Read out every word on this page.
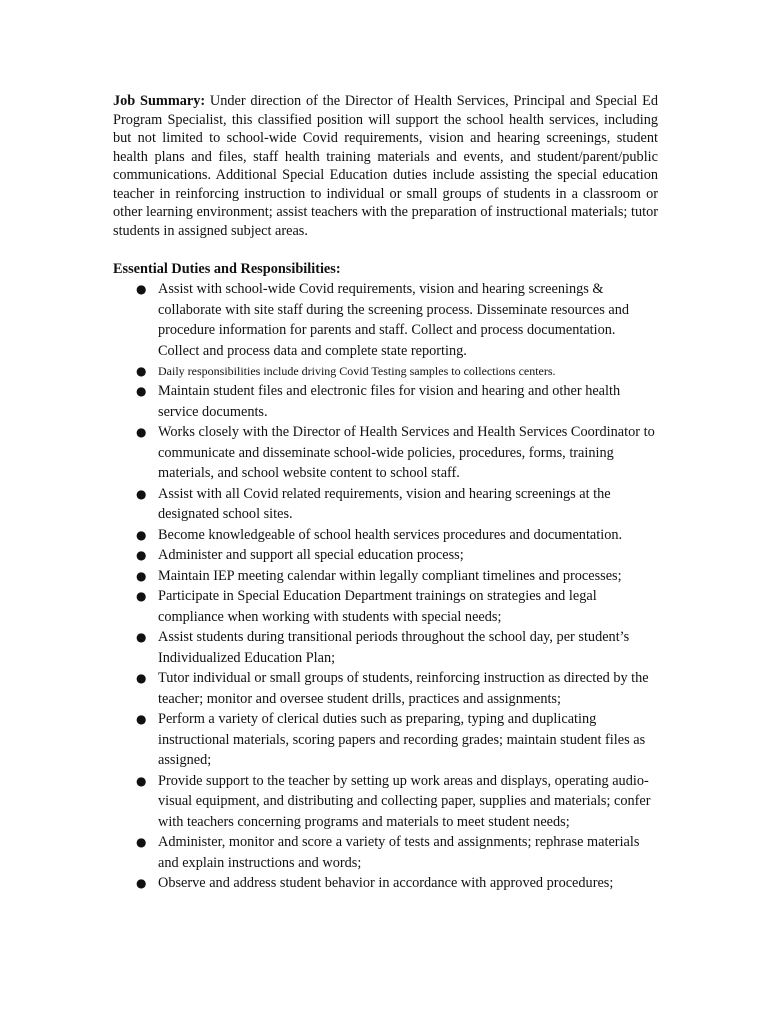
Job Summary: Under direction of the Director of Health Services, Principal and Special Ed Program Specialist, this classified position will support the school health services, including but not limited to school-wide Covid requirements, vision and hearing screenings, student health plans and files, staff health training materials and events, and student/parent/public communications. Additional Special Education duties include assisting the special education teacher in reinforcing instruction to individual or small groups of students in a classroom or other learning environment; assist teachers with the preparation of instructional materials; tutor students in assigned subject areas.

Essential Duties and Responsibilities:
● Assist with school-wide Covid requirements, vision and hearing screenings & collaborate with site staff during the screening process. Disseminate resources and procedure information for parents and staff. Collect and process documentation. Collect and process data and complete state reporting.
● Daily responsibilities include driving Covid Testing samples to collections centers.
● Maintain student files and electronic files for vision and hearing and other health service documents.
● Works closely with the Director of Health Services and Health Services Coordinator to communicate and disseminate school-wide policies, procedures, forms, training materials, and school website content to school staff.
● Assist with all Covid related requirements, vision and hearing screenings at the designated school sites.
● Become knowledgeable of school health services procedures and documentation.
● Administer and support all special education process;
● Maintain IEP meeting calendar within legally compliant timelines and processes;
● Participate in Special Education Department trainings on strategies and legal compliance when working with students with special needs;
● Assist students during transitional periods throughout the school day, per student’s Individualized Education Plan;
● Tutor individual or small groups of students, reinforcing instruction as directed by the teacher; monitor and oversee student drills, practices and assignments;
● Perform a variety of clerical duties such as preparing, typing and duplicating instructional materials, scoring papers and recording grades; maintain student files as assigned;
● Provide support to the teacher by setting up work areas and displays, operating audio-visual equipment, and distributing and collecting paper, supplies and materials; confer with teachers concerning programs and materials to meet student needs;
● Administer, monitor and score a variety of tests and assignments; rephrase materials and explain instructions and words;
● Observe and address student behavior in accordance with approved procedures;
